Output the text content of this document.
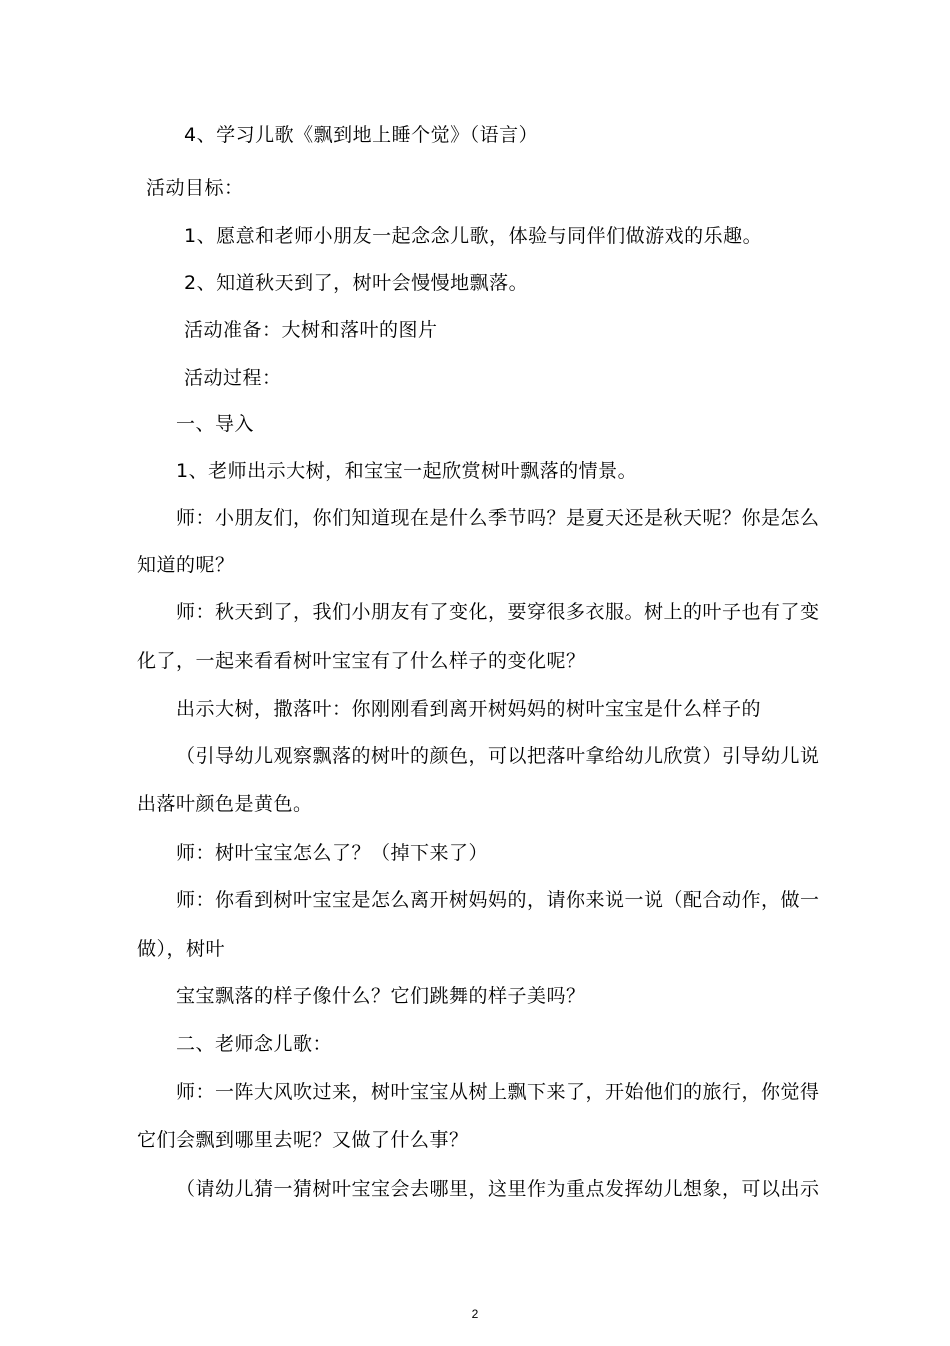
4、学习儿歌《飘到地上睡个觉》（语言）
活动目标：
1、愿意和老师小朋友一起念念儿歌，体验与同伴们做游戏的乐趣。
2、知道秋天到了，树叶会慢慢地飘落。
活动准备：大树和落叶的图片
活动过程：
一、导入
1、老师出示大树，和宝宝一起欣赏树叶飘落的情景。
师：小朋友们，你们知道现在是什么季节吗？是夏天还是秋天呢？你是怎么
知道的呢？
师：秋天到了，我们小朋友有了变化，要穿很多衣服。树上的叶子也有了变
化了，一起来看看树叶宝宝有了什么样子的变化呢？
出示大树，撒落叶：你刚刚看到离开树妈妈的树叶宝宝是什么样子的
（引导幼儿观察飘落的树叶的颜色，可以把落叶拿给幼儿欣赏）引导幼儿说
出落叶颜色是黄色。
师：树叶宝宝怎么了？（掉下来了）
师：你看到树叶宝宝是怎么离开树妈妈的，请你来说一说（配合动作，做一
做），树叶
宝宝飘落的样子像什么？它们跳舞的样子美吗？
二、老师念儿歌：
师：一阵大风吹过来，树叶宝宝从树上飘下来了，开始他们的旅行，你觉得
它们会飘到哪里去呢？又做了什么事？
（请幼儿猜一猜树叶宝宝会去哪里，这里作为重点发挥幼儿想象，可以出示
2
